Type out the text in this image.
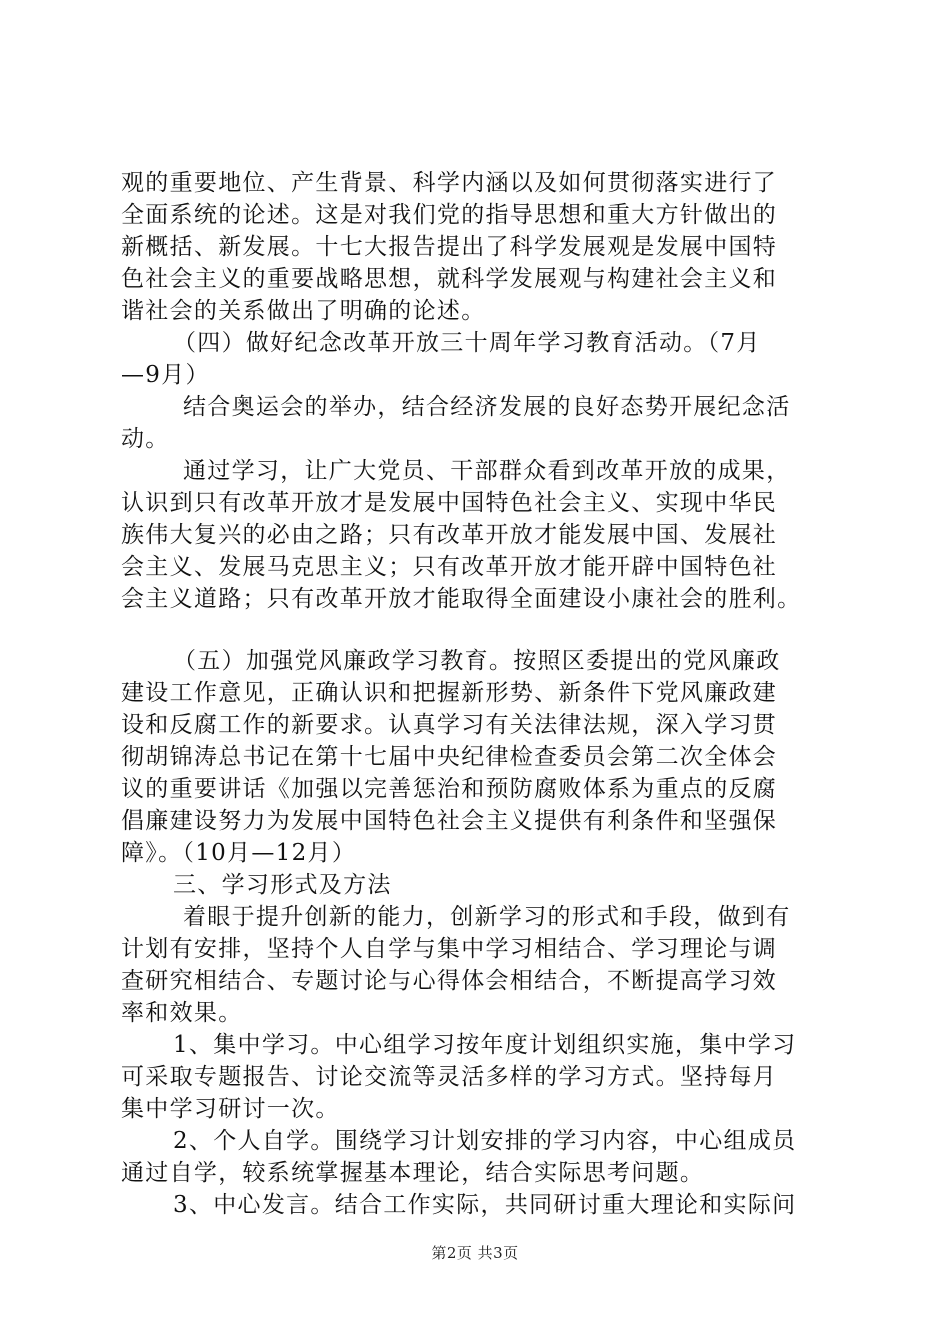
观的重要地位、产生背景、科学内涵以及如何贯彻落实进行了
全面系统的论述。这是对我们党的指导思想和重大方针做出的
新概括、新发展。十七大报告提出了科学发展观是发展中国特
色社会主义的重要战略思想，就科学发展观与构建社会主义和
谐社会的关系做出了明确的论述。
（四）做好纪念改革开放三十周年学习教育活动。（7月
—9月）
结合奥运会的举办，结合经济发展的良好态势开展纪念活
动。
通过学习，让广大党员、干部群众看到改革开放的成果，
认识到只有改革开放才是发展中国特色社会主义、实现中华民
族伟大复兴的必由之路；只有改革开放才能发展中国、发展社
会主义、发展马克思主义；只有改革开放才能开辟中国特色社
会主义道路；只有改革开放才能取得全面建设小康社会的胜利。
（五）加强党风廉政学习教育。按照区委提出的党风廉政
建设工作意见，正确认识和把握新形势、新条件下党风廉政建
设和反腐工作的新要求。认真学习有关法律法规，深入学习贯
彻胡锦涛总书记在第十七届中央纪律检查委员会第二次全体会
议的重要讲话《加强以完善惩治和预防腐败体系为重点的反腐
倡廉建设努力为发展中国特色社会主义提供有利条件和坚强保
障》。（10月—12月）
三、学习形式及方法
着眼于提升创新的能力，创新学习的形式和手段，做到有
计划有安排，坚持个人自学与集中学习相结合、学习理论与调
查研究相结合、专题讨论与心得体会相结合，不断提高学习效
率和效果。
1、集中学习。中心组学习按年度计划组织实施，集中学习
可采取专题报告、讨论交流等灵活多样的学习方式。坚持每月
集中学习研讨一次。
2、个人自学。围绕学习计划安排的学习内容，中心组成员
通过自学，较系统掌握基本理论，结合实际思考问题。
3、中心发言。结合工作实际，共同研讨重大理论和实际问
第2页 共3页
